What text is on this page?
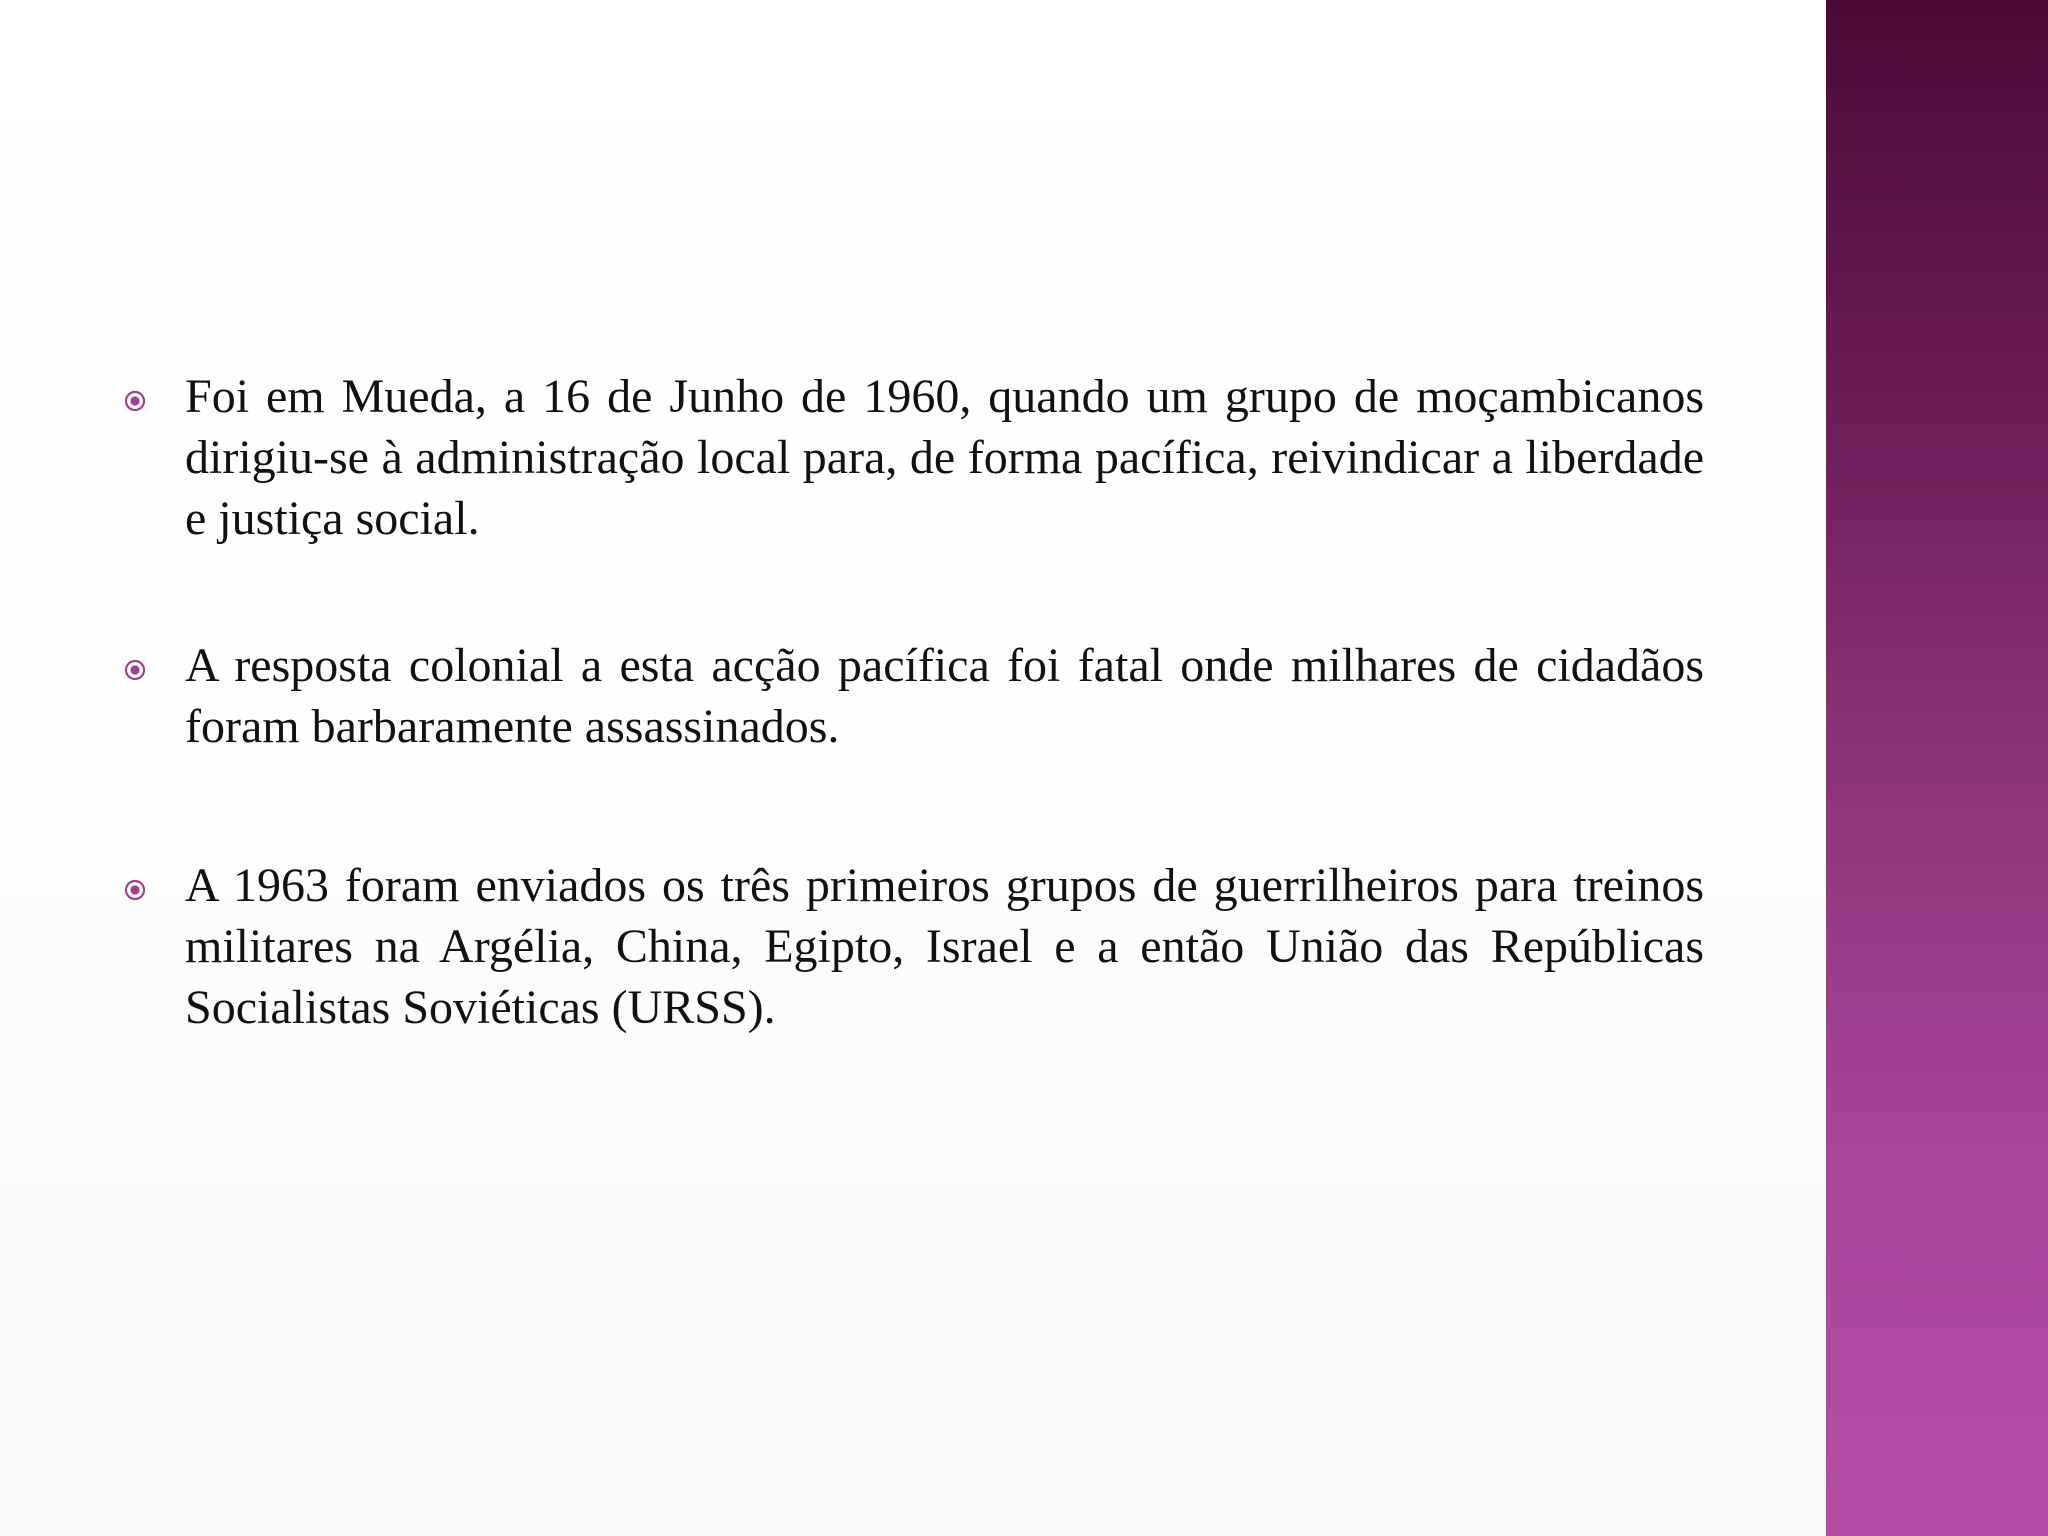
Foi em Mueda, a 16 de Junho de 1960, quando um grupo de moçambicanos dirigiu-se à administração local para, de forma pacífica, reivindicar a liberdade e justiça social.

A resposta colonial a esta acção pacífica foi fatal onde milhares de cidadãos foram barbaramente assassinados.

A 1963 foram enviados os três primeiros grupos de guerrilheiros para treinos militares na Argélia, China, Egipto, Israel e a então União das Repúblicas Socialistas Soviéticas (URSS).
